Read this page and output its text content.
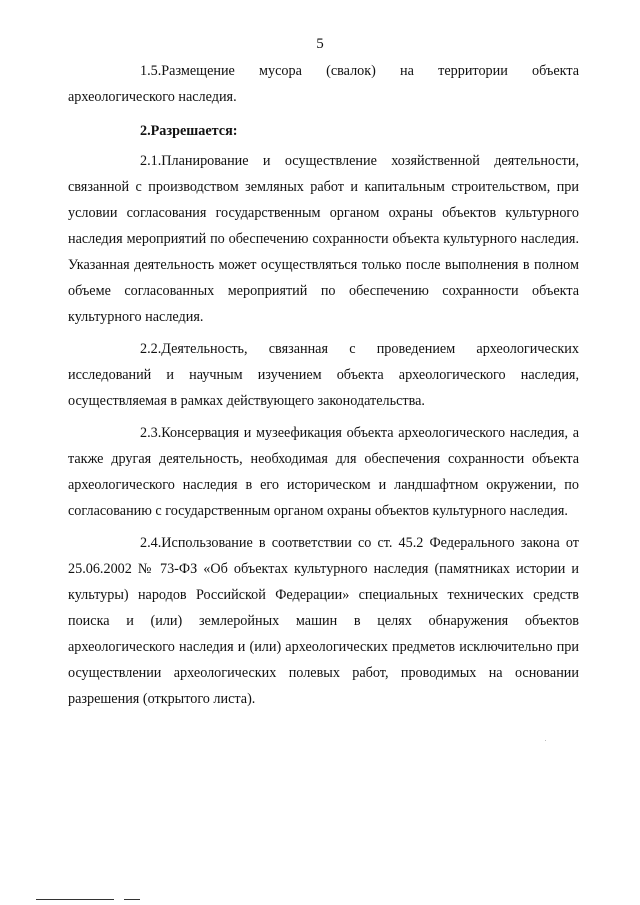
5

1.5.Размещение мусора (свалок) на территории объекта археологического наследия.

2.Разрешается:

2.1.Планирование и осуществление хозяйственной деятельности, связанной с производством земляных работ и капитальным строительством, при условии согласования государственным органом охраны объектов культурного наследия мероприятий по обеспечению сохранности объекта культурного наследия. Указанная деятельность может осуществляться только после выполнения в полном объеме согласованных мероприятий по обеспечению сохранности объекта культурного наследия.

2.2.Деятельность, связанная с проведением археологических исследований и научным изучением объекта археологического наследия, осуществляемая в рамках действующего законодательства.

2.3.Консервация и музеефикация объекта археологического наследия, а также другая деятельность, необходимая для обеспечения сохранности объекта археологического наследия в его историческом и ландшафтном окружении, по согласованию с государственным органом охраны объектов культурного наследия.

2.4.Использование в соответствии со ст. 45.2 Федерального закона от 25.06.2002 № 73-ФЗ «Об объектах культурного наследия (памятниках истории и культуры) народов Российской Федерации» специальных технических средств поиска и (или) землеройных машин в целях обнаружения объектов археологического наследия и (или) археологических предметов исключительно при осуществлении археологических полевых работ, проводимых на основании разрешения (открытого листа).
